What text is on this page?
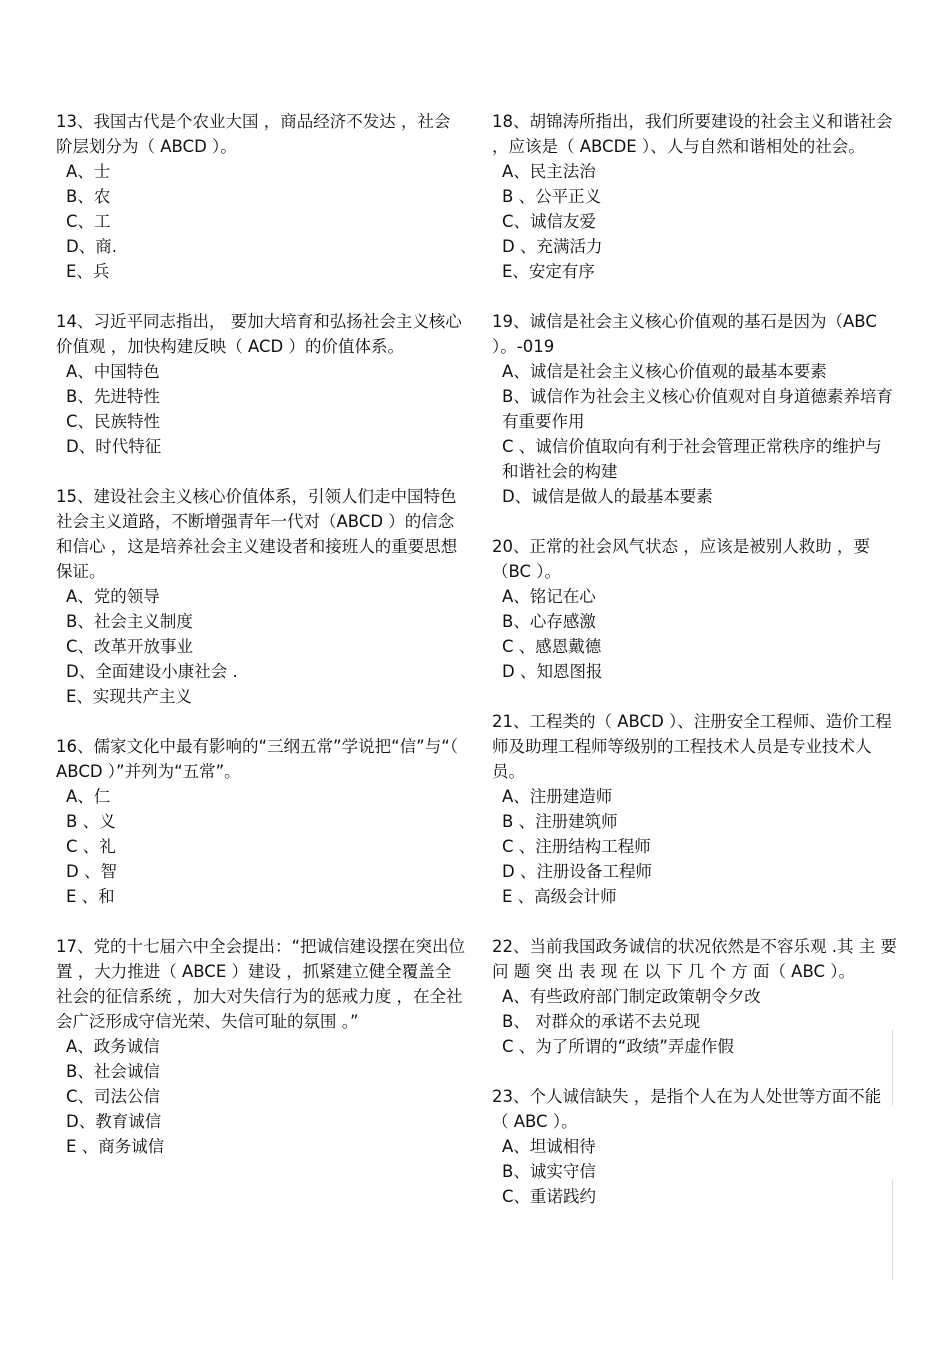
13、我国古代是个农业大国 ，商品经济不发达 ，社会阶层划分为（ ABCD ）。

A、士
B、农
C、工
D、商.
E、兵

14、习近平同志指出， 要加大培育和弘扬社会主义核心价值观 ，加快构建反映（ ACD ）的价值体系。

A、中国特色
B、先进特性
C、民族特性
D、时代特征

15、建设社会主义核心价值体系，引领人们走中国特色社会主义道路，不断增强青年一代对（ABCD ）的信念和信心 ，这是培养社会主义建设者和接班人的重要思想保证。

A、党的领导
B、社会主义制度
C、改革开放事业
D、全面建设小康社会 .
E、实现共产主义

16、儒家文化中最有影响的“三纲五常”学说把“信”与“（ ABCD ）”并列为“五常”。

A、仁
B 、义
C 、礼
D 、智
E 、和

17、党的十七届六中全会提出：“把诚信建设摆在突出位置 ，大力推进（ ABCE ）建设 ，抓紧建立健全覆盖全社会的征信系统 ，加大对失信行为的惩戒力度 ，在全社会广泛形成守信光荣、失信可耻的氛围 。”

A、政务诚信
B、社会诚信
C、司法公信
D、教育诚信
E 、商务诚信

18、胡锦涛所指出，我们所要建设的社会主义和谐社会 ，应该是（ ABCDE ）、人与自然和谐相处的社会。

A、民主法治
B 、公平正义
C、诚信友爱
D 、充满活力
E、安定有序

19、诚信是社会主义核心价值观的基石是因为（ABC ）。-019

A、诚信是社会主义核心价值观的最基本要素
B、诚信作为社会主义核心价值观对自身道德素养培育有重要作用
C 、诚信价值取向有利于社会管理正常秩序的维护与和谐社会的构建
D、诚信是做人的最基本要素

20、正常的社会风气状态 ，应该是被别人救助 ，要（BC ）。

A、铭记在心
B、心存感激
C 、感恩戴德
D 、知恩图报

21、工程类的（ ABCD ）、注册安全工程师、造价工程师及助理工程师等级别的工程技术人员是专业技术人员。

A、注册建造师
B 、注册建筑师
C 、注册结构工程师
D 、注册设备工程师
E 、高级会计师

22、当前我国政务诚信的状况依然是不容乐观 .其 主 要 问 题 突 出 表 现 在 以 下 几 个 方 面（ ABC ）。

A、有些政府部门制定政策朝令夕改
B、 对群众的承诺不去兑现
C 、为了所谓的“政绩”弄虚作假

23、个人诚信缺失 ，是指个人在为人处世等方面不能（ ABC ）。

A、坦诚相待
B、诚实守信
C、重诺践约
